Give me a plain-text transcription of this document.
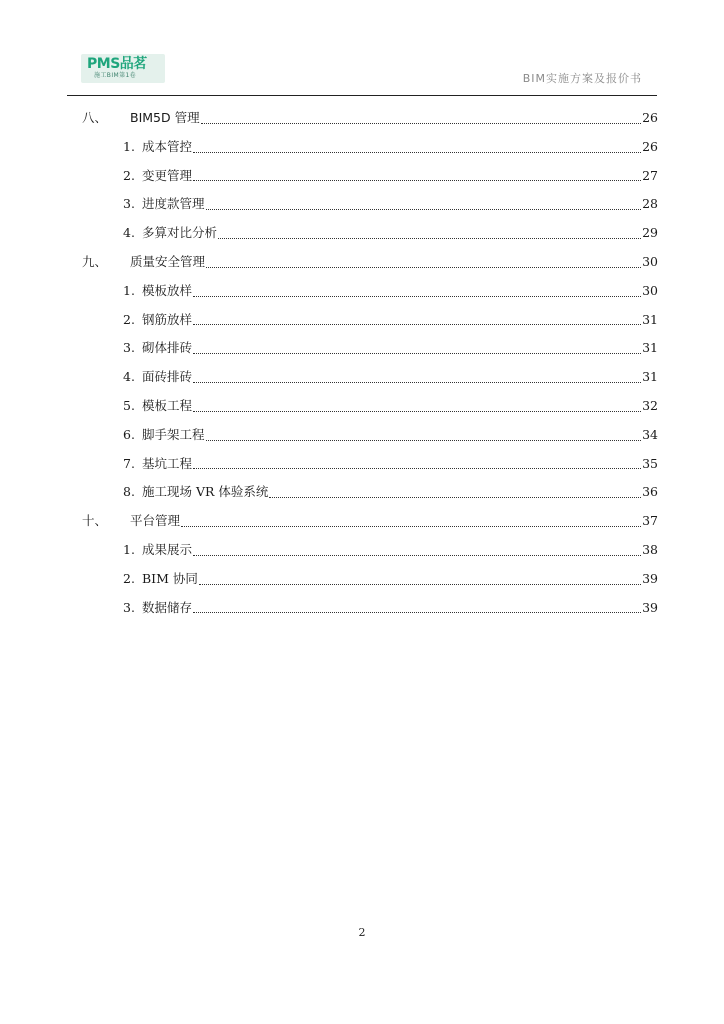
PMS品茗
施工BIM第1卷	BIM实施方案及报价书
八、	BIM5D 管理	26
1. 成本管控	26
2. 变更管理	27
3. 进度款管理	28
4. 多算对比分析	29
九、	质量安全管理	30
1. 模板放样	30
2. 钢筋放样	31
3. 砌体排砖	31
4. 面砖排砖	31
5. 模板工程	32
6. 脚手架工程	34
7. 基坑工程	35
8. 施工现场 VR 体验系统	36
十、	平台管理	37
1. 成果展示	38
2. BIM 协同	39
3. 数据储存	39
2
